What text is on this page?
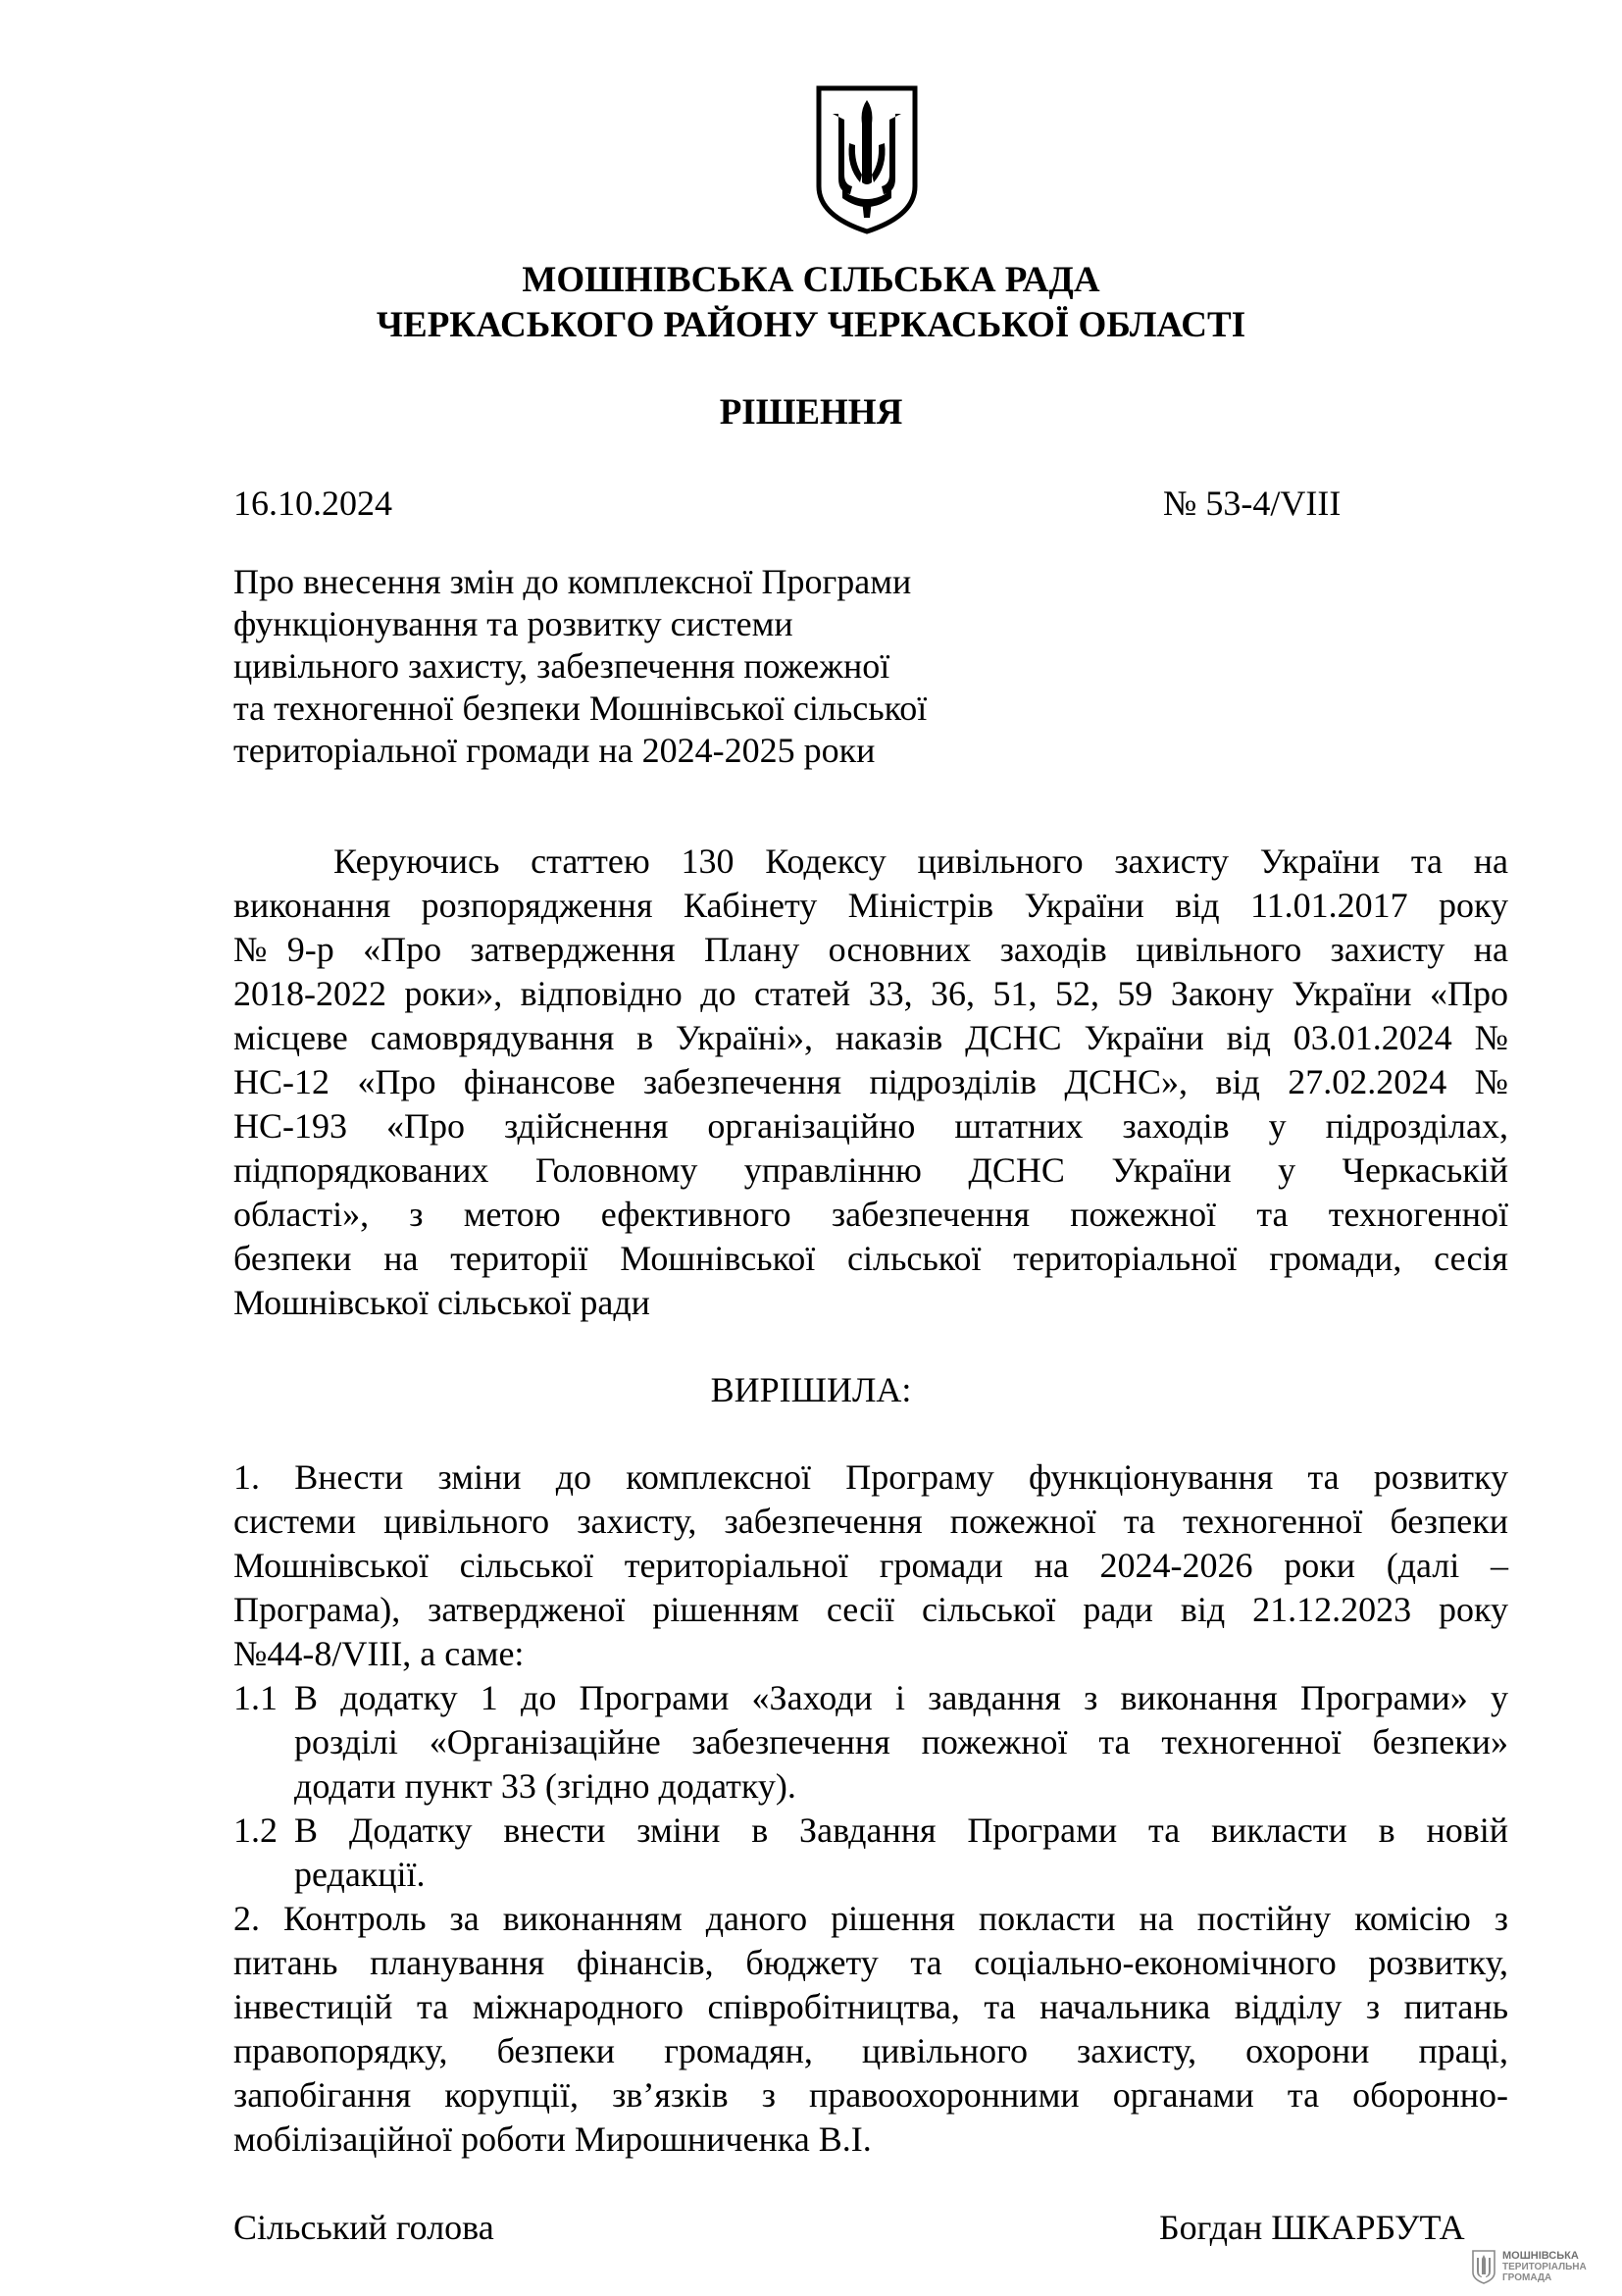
МОШНІВСЬКА СІЛЬСЬКА РАДА
ЧЕРКАСЬКОГО РАЙОНУ ЧЕРКАСЬКОЇ ОБЛАСТІ
РІШЕННЯ
16.10.2024	№ 53-4/VIII
Про внесення змін до комплексної Програми
функціонування та розвитку системи
цивільного захисту, забезпечення пожежної
та техногенної безпеки Мошнівської сільської
територіальної громади на 2024-2025 роки
Керуючись статтею 130 Кодексу цивільного захисту України та на
виконання розпорядження Кабінету Міністрів України від 11.01.2017 року
№9-р «Про затвердження Плану основних заходів цивільного захисту на
2018-2022 роки», відповідно до статей 33, 36, 51, 52, 59 Закону України «Про
місцеве самоврядування в Україні», наказів ДСНС України від 03.01.2024 №
НС-12 «Про фінансове забезпечення підрозділів ДСНС», від 27.02.2024 №
НС-193 «Про здійснення організаційно штатних заходів у підрозділах,
підпорядкованих Головному управлінню ДСНС України у Черкаській
області», з метою ефективного забезпечення пожежної та техногенної
безпеки на території Мошнівської сільської територіальної громади, сесія
Мошнівської сільської ради
ВИРІШИЛА:
1. Внести зміни до комплексної Програму функціонування та розвитку
системи цивільного захисту, забезпечення пожежної та техногенної безпеки
Мошнівської сільської територіальної громади на 2024-2026 роки (далі –
Програма), затвердженої рішенням сесії сільської ради від 21.12.2023 року
№44-8/VIII, а саме:
1.1 В додатку 1 до Програми «Заходи і завдання з виконання Програми» у
розділі «Організаційне забезпечення пожежної та техногенної безпеки»
додати пункт 33 (згідно додатку).
1.2 В Додатку внести зміни в Завдання Програми та викласти в новій
редакції.
2. Контроль за виконанням даного рішення покласти на постійну комісію з
питань планування фінансів, бюджету та соціально-економічного розвитку,
інвестицій та міжнародного співробітництва, та начальника відділу з питань
правопорядку, безпеки громадян, цивільного захисту, охорони праці,
запобігання корупції, зв’язків з правоохоронними органами та оборонно-
мобілізаційної роботи Мирошниченка В.І.
Сільський голова	Богдан ШКАРБУТА
МОШНІВСЬКА
ТЕРИТОРІАЛЬНА
ГРОМАДА
